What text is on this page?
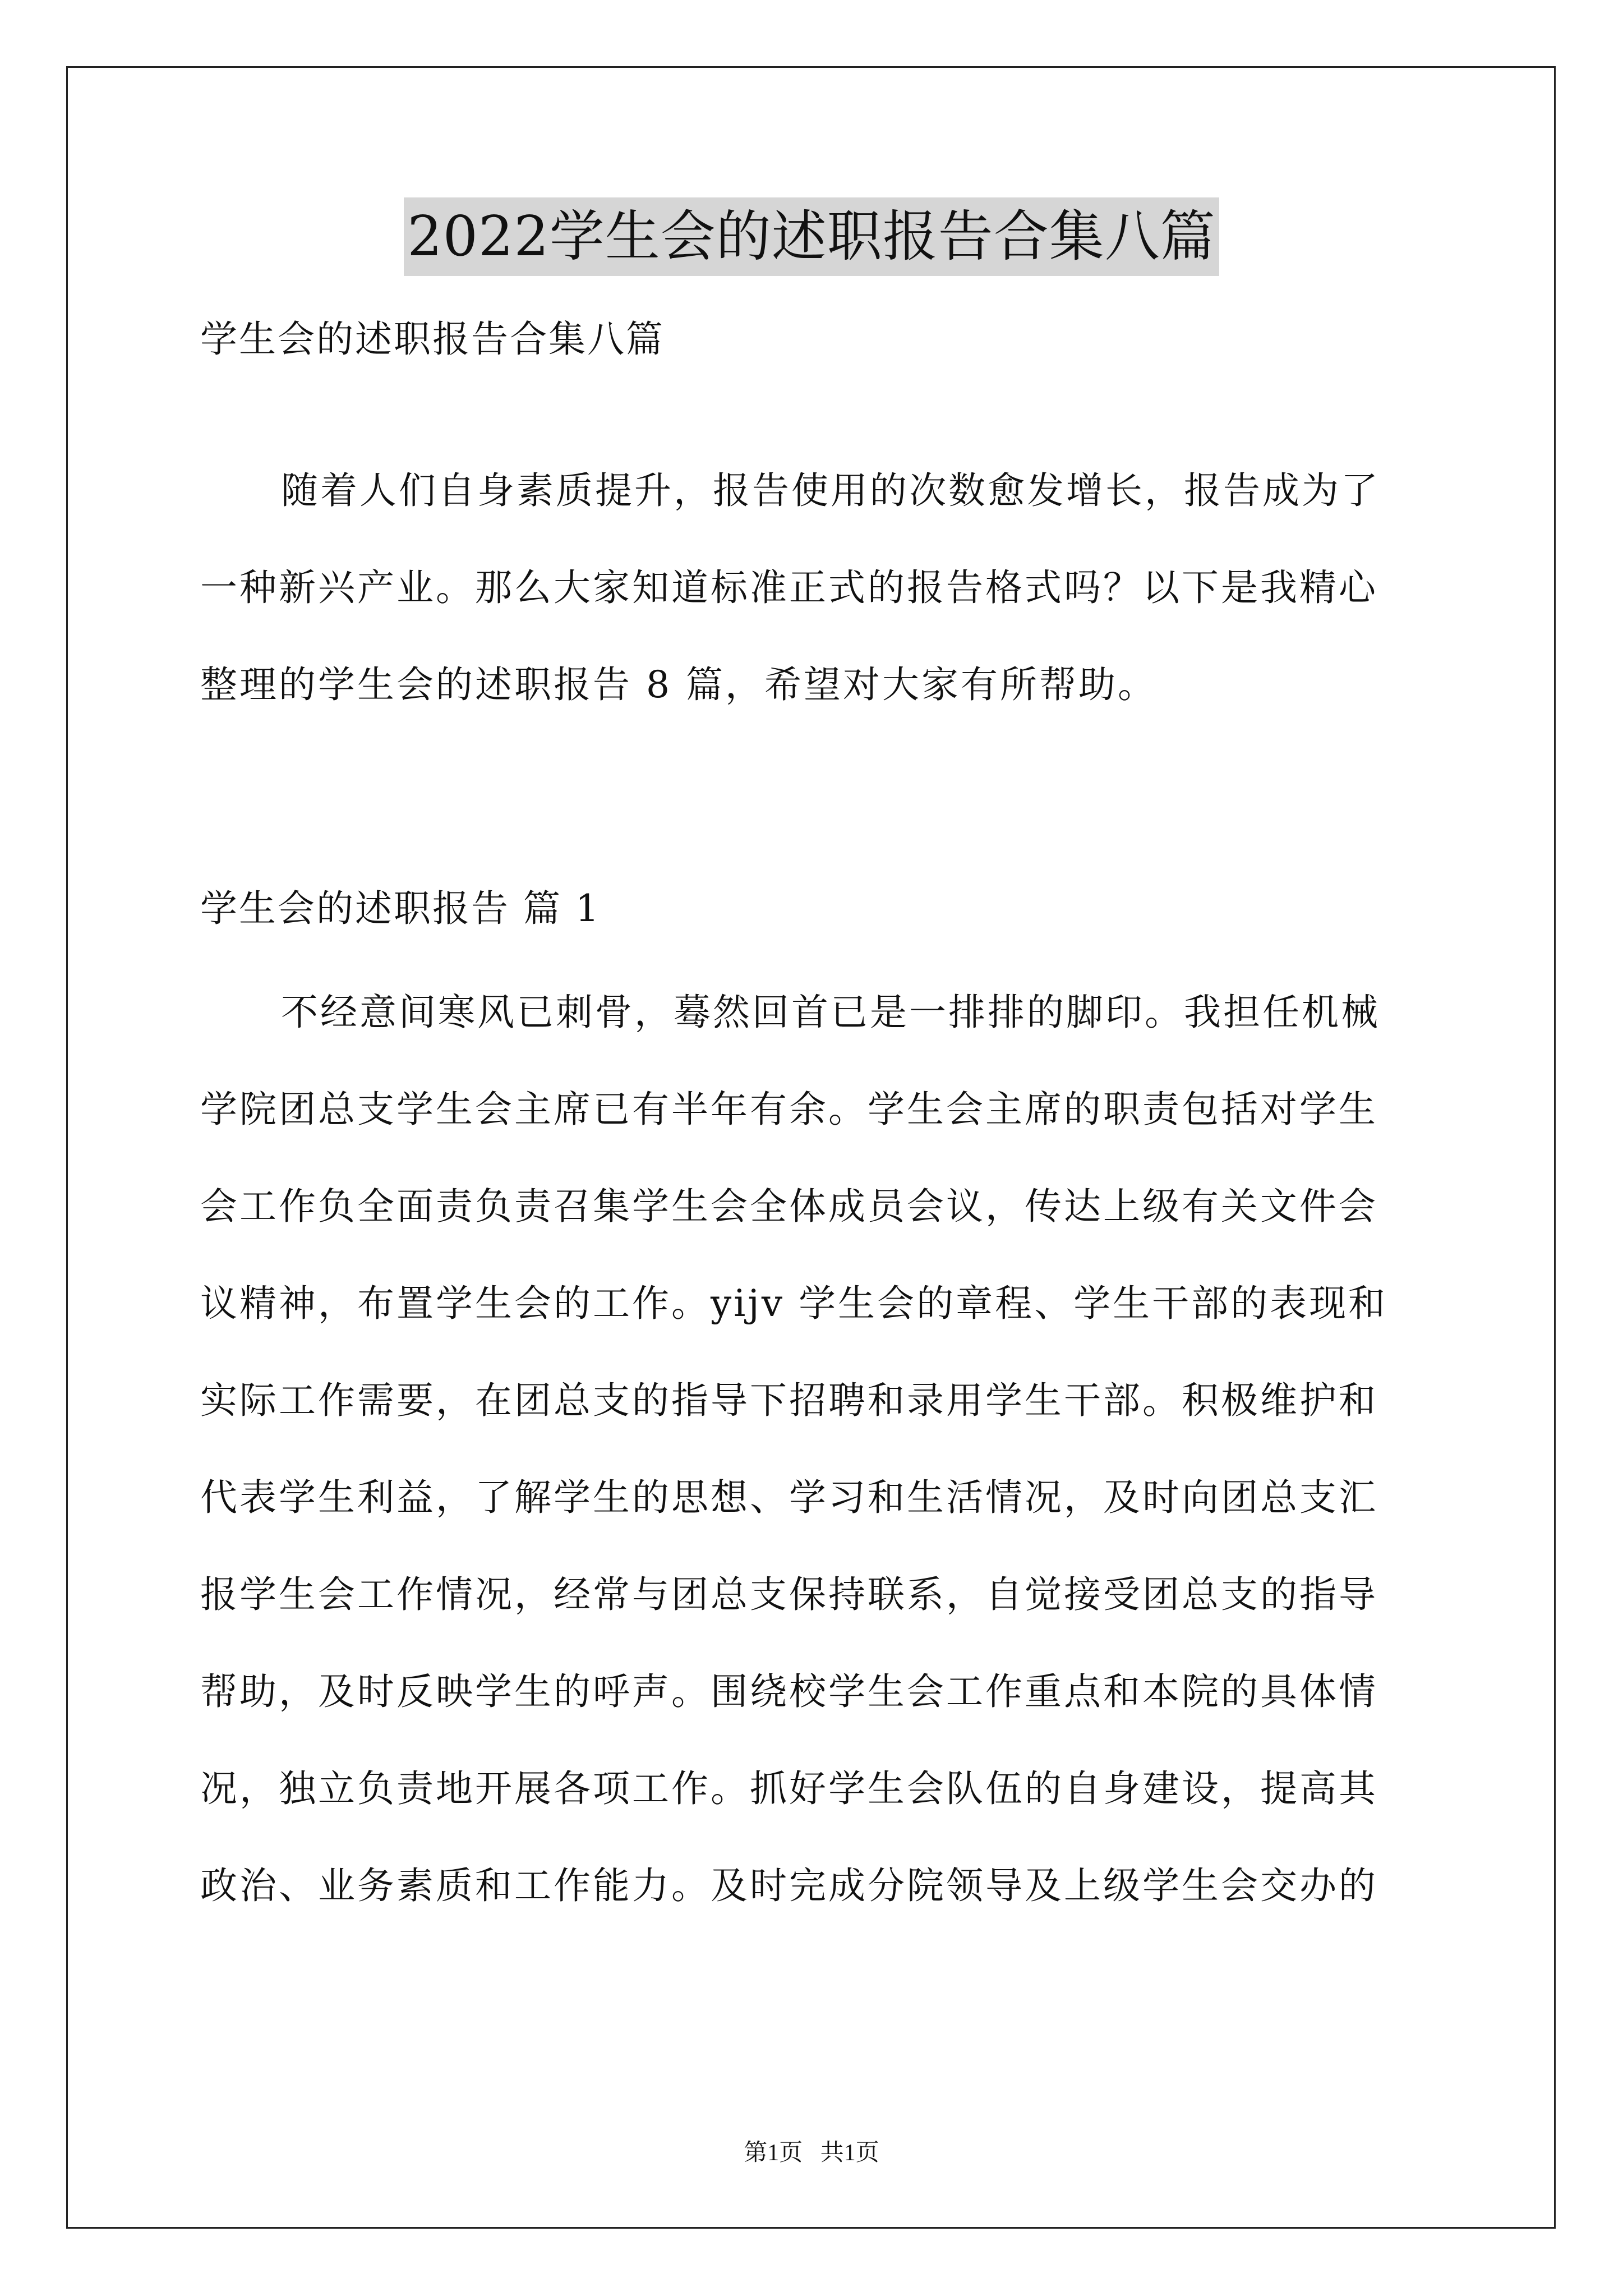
2022学生会的述职报告合集八篇
学生会的述职报告合集八篇
随着人们自身素质提升，报告使用的次数愈发增长，报告成为了
一种新兴产业。那么大家知道标准正式的报告格式吗？以下是我精心
整理的学生会的述职报告 8 篇，希望对大家有所帮助。
学生会的述职报告 篇 1
不经意间寒风已刺骨，蓦然回首已是一排排的脚印。我担任机械
学院团总支学生会主席已有半年有余。学生会主席的职责包括对学生
会工作负全面责负责召集学生会全体成员会议，传达上级有关文件会
议精神，布置学生会的工作。yijv 学生会的章程、学生干部的表现和
实际工作需要，在团总支的指导下招聘和录用学生干部。积极维护和
代表学生利益，了解学生的思想、学习和生活情况，及时向团总支汇
报学生会工作情况，经常与团总支保持联系，自觉接受团总支的指导
帮助，及时反映学生的呼声。围绕校学生会工作重点和本院的具体情
况，独立负责地开展各项工作。抓好学生会队伍的自身建设，提高其
政治、业务素质和工作能力。及时完成分院领导及上级学生会交办的
第1页   共1页
